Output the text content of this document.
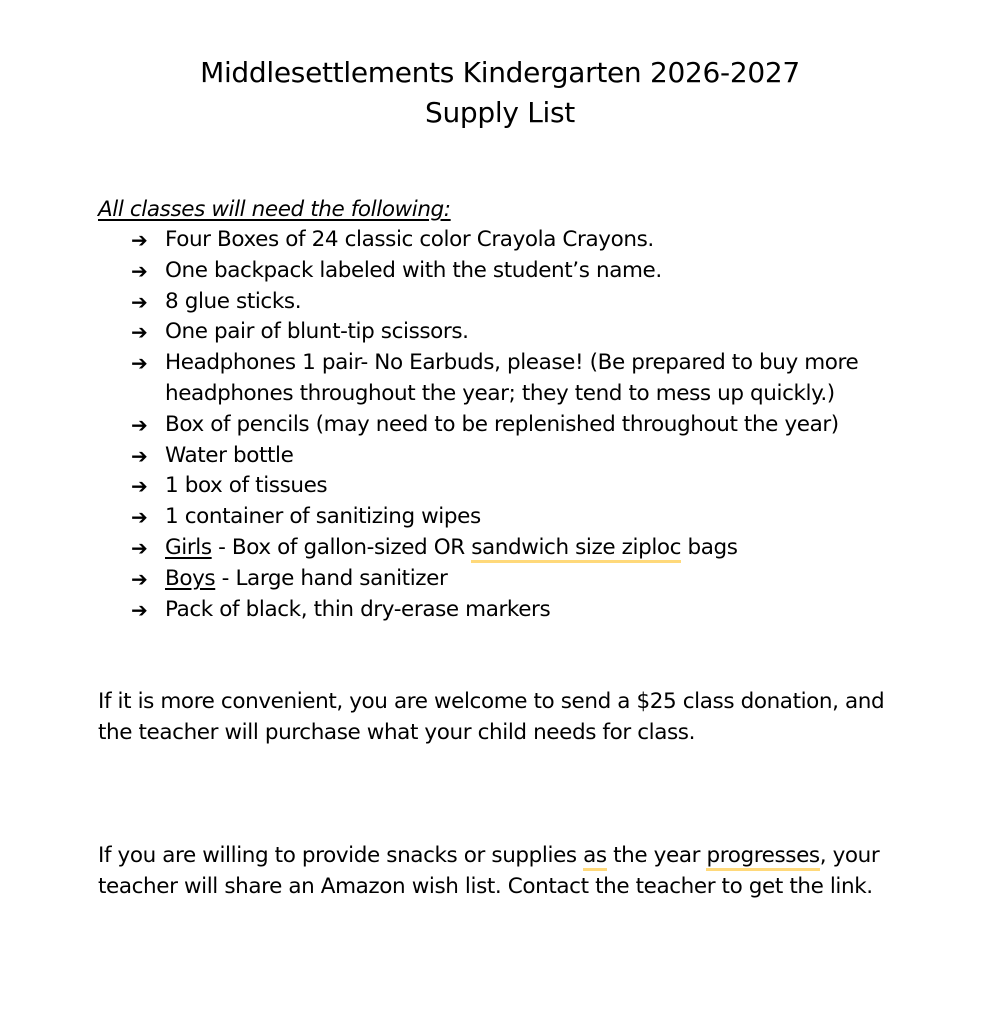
Middlesettlements Kindergarten 2026-2027
Supply List
All classes will need the following:
➔ Four Boxes of 24 classic color Crayola Crayons.
➔ One backpack labeled with the student’s name.
➔ 8 glue sticks.
➔ One pair of blunt-tip scissors.
➔ Headphones 1 pair- No Earbuds, please! (Be prepared to buy more headphones throughout the year; they tend to mess up quickly.)
➔ Box of pencils (may need to be replenished throughout the year)
➔ Water bottle
➔ 1 box of tissues
➔ 1 container of sanitizing wipes
➔ Girls - Box of gallon-sized OR sandwich size ziploc bags
➔ Boys - Large hand sanitizer
➔ Pack of black, thin dry-erase markers

If it is more convenient, you are welcome to send a $25 class donation, and the teacher will purchase what your child needs for class.

If you are willing to provide snacks or supplies as the year progresses, your teacher will share an Amazon wish list. Contact the teacher to get the link.
